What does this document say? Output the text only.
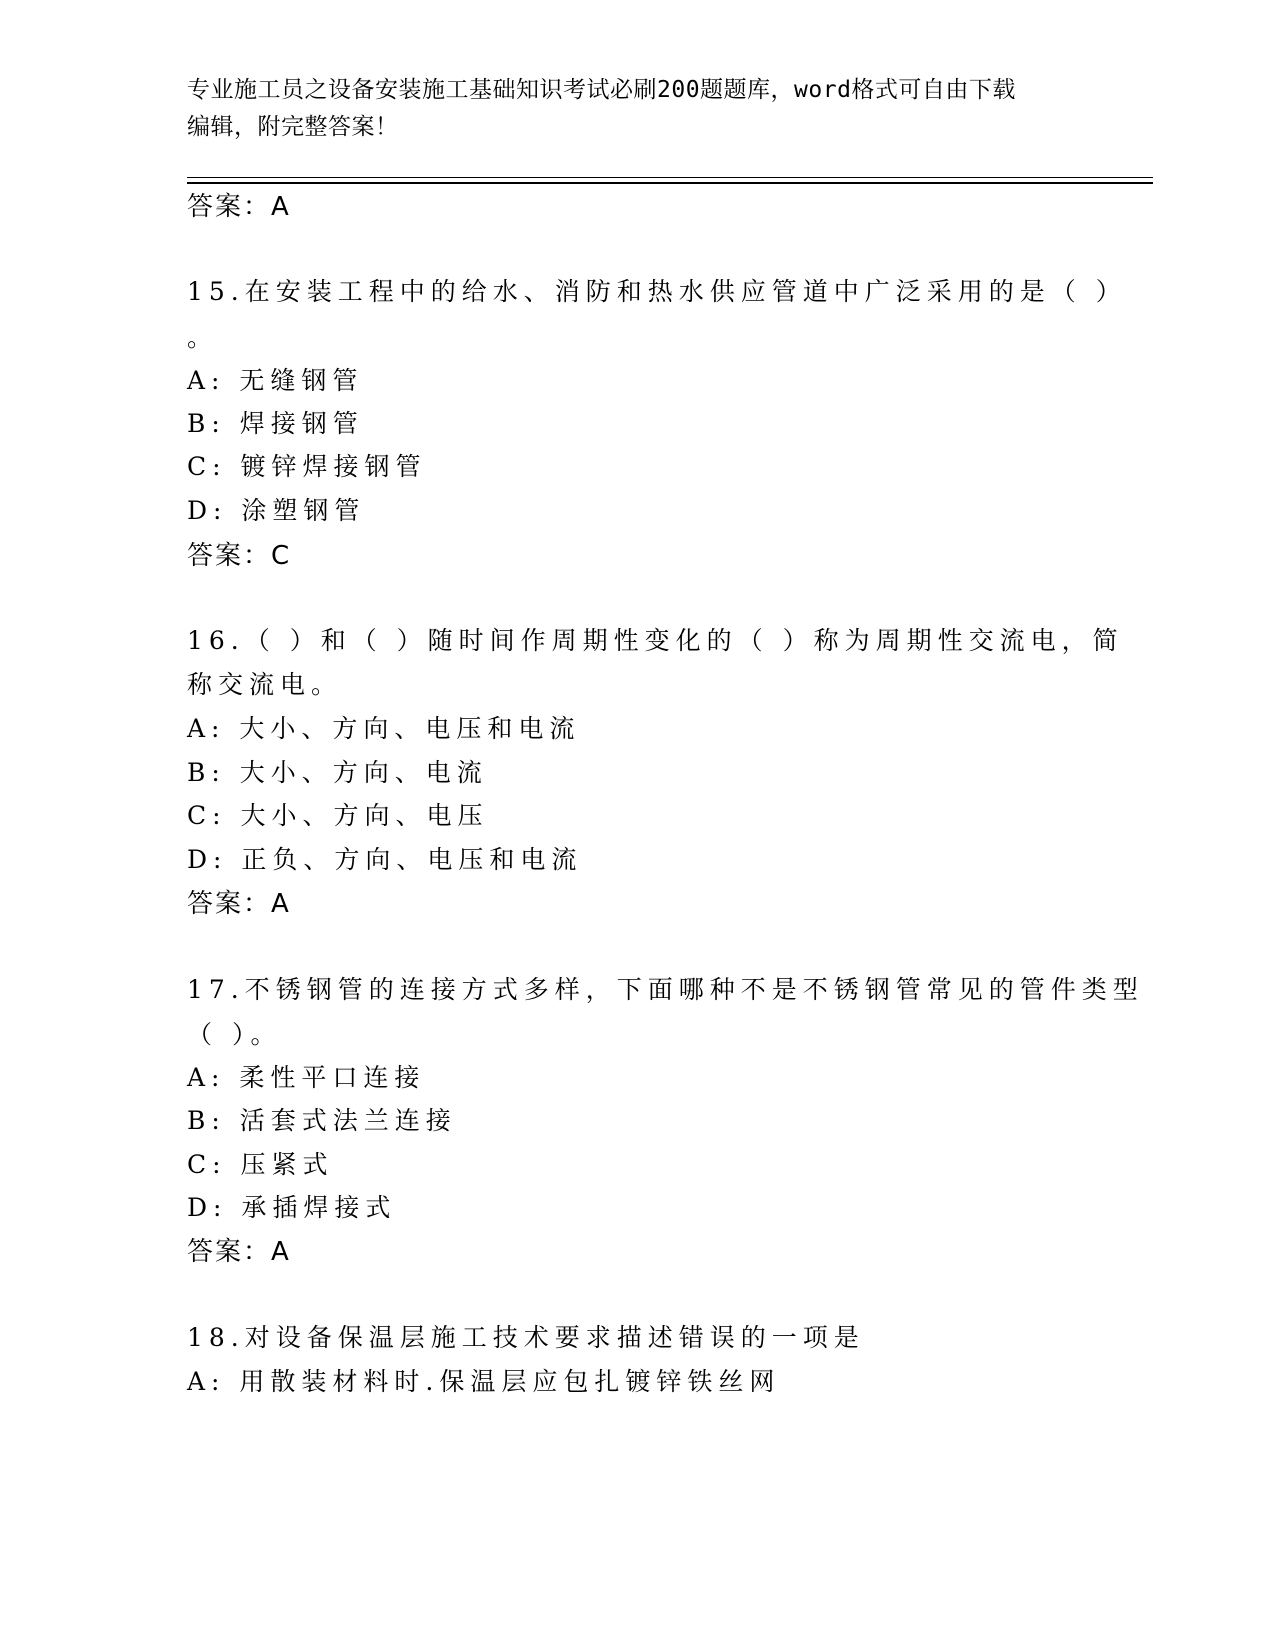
专业施工员之设备安装施工基础知识考试必刷200题题库，word格式可自由下载
编辑，附完整答案！
答案：A
15.在安装工程中的给水、消防和热水供应管道中广泛采用的是（ ）
。
A: 无缝钢管
B: 焊接钢管
C: 镀锌焊接钢管
D: 涂塑钢管
答案：C
16.（ ）和（ ）随时间作周期性变化的（ ）称为周期性交流电，简
称交流电。
A: 大小、方向、电压和电流
B: 大小、方向、电流
C: 大小、方向、电压
D: 正负、方向、电压和电流
答案：A
17.不锈钢管的连接方式多样，下面哪种不是不锈钢管常见的管件类型
（ ）。
A: 柔性平口连接
B: 活套式法兰连接
C: 压紧式
D: 承插焊接式
答案：A
18.对设备保温层施工技术要求描述错误的一项是
A: 用散装材料时.保温层应包扎镀锌铁丝网
